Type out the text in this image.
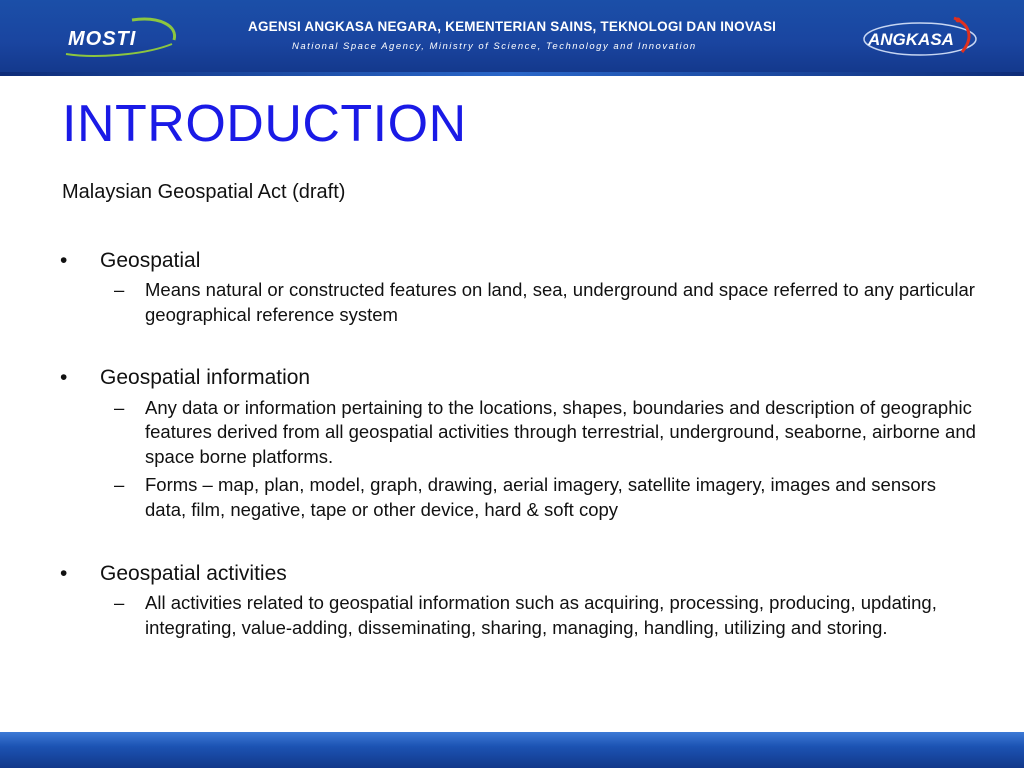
MOSTI
AGENSI ANGKASA NEGARA, KEMENTERIAN SAINS, TEKNOLOGI DAN INOVASI
National Space Agency, Ministry of Science, Technology and Innovation	ANGKASA
INTRODUCTION
Malaysian Geospatial Act (draft)
• Geospatial
– Means natural or constructed features on land, sea, underground and space referred to any particular geographical reference system
• Geospatial information
– Any data or information pertaining to the locations, shapes, boundaries and description of geographic features derived from all geospatial activities through terrestrial, underground, seaborne, airborne and space borne platforms.
– Forms – map, plan, model, graph, drawing, aerial imagery, satellite imagery, images and sensors data, film, negative, tape or other device, hard & soft copy
• Geospatial activities
– All activities related to geospatial information such as acquiring, processing, producing, updating, integrating, value-adding, disseminating, sharing, managing, handling, utilizing and storing.
